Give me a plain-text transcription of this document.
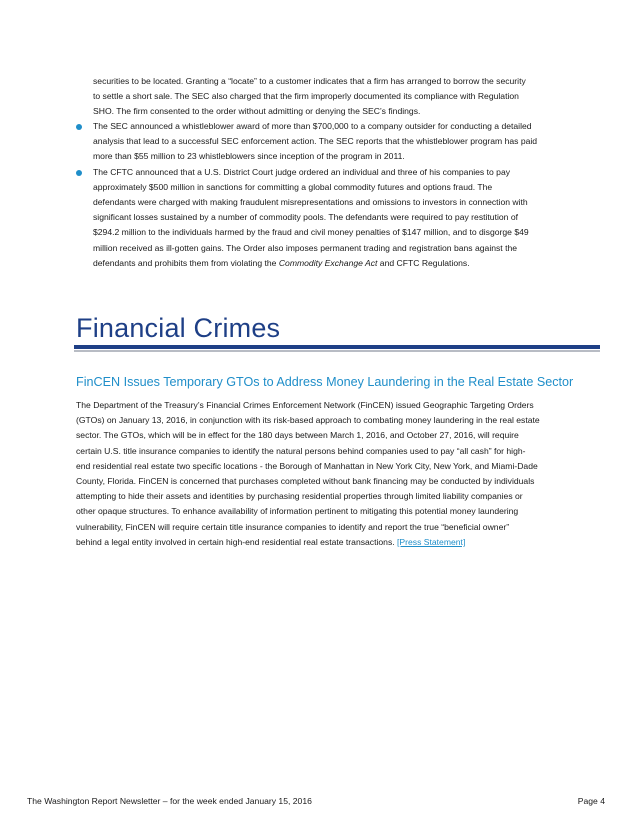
securities to be located. Granting a “locate” to a customer indicates that a firm has arranged to borrow the security
to settle a short sale. The SEC also charged that the firm improperly documented its compliance with Regulation
SHO. The firm consented to the order without admitting or denying the SEC’s findings.

The SEC announced a whistleblower award of more than $700,000 to a company outsider for conducting a detailed
analysis that lead to a successful SEC enforcement action. The SEC reports that the whistleblower program has paid
more than $55 million to 23 whistleblowers since inception of the program in 2011.
The CFTC announced that a U.S. District Court judge ordered an individual and three of his companies to pay
approximately $500 million in sanctions for committing a global commodity futures and options fraud. The
defendants were charged with making fraudulent misrepresentations and omissions to investors in connection with
significant losses sustained by a number of commodity pools. The defendants were required to pay restitution of
$294.2 million to the individuals harmed by the fraud and civil money penalties of $147 million, and to disgorge $49
million received as ill-gotten gains. The Order also imposes permanent trading and registration bans against the
defendants and prohibits them from violating the Commodity Exchange Act and CFTC Regulations.
Financial Crimes
FinCEN Issues Temporary GTOs to Address Money Laundering in the Real Estate Sector

The Department of the Treasury’s Financial Crimes Enforcement Network (FinCEN) issued Geographic Targeting Orders
(GTOs) on January 13, 2016, in conjunction with its risk-based approach to combating money laundering in the real estate
sector. The GTOs, which will be in effect for the 180 days between March 1, 2016, and October 27, 2016, will require
certain U.S. title insurance companies to identify the natural persons behind companies used to pay “all cash” for high-
end residential real estate two specific locations - the Borough of Manhattan in New York City, New York, and Miami-Dade
County, Florida. FinCEN is concerned that purchases completed without bank financing may be conducted by individuals
attempting to hide their assets and identities by purchasing residential properties through limited liability companies or
other opaque structures. To enhance availability of information pertinent to mitigating this potential money laundering
vulnerability, FinCEN will require certain title insurance companies to identify and report the true “beneficial owner”
behind a legal entity involved in certain high-end residential real estate transactions. [Press Statement]

The Washington Report Newsletter – for the week ended January 15, 2016	Page 4
